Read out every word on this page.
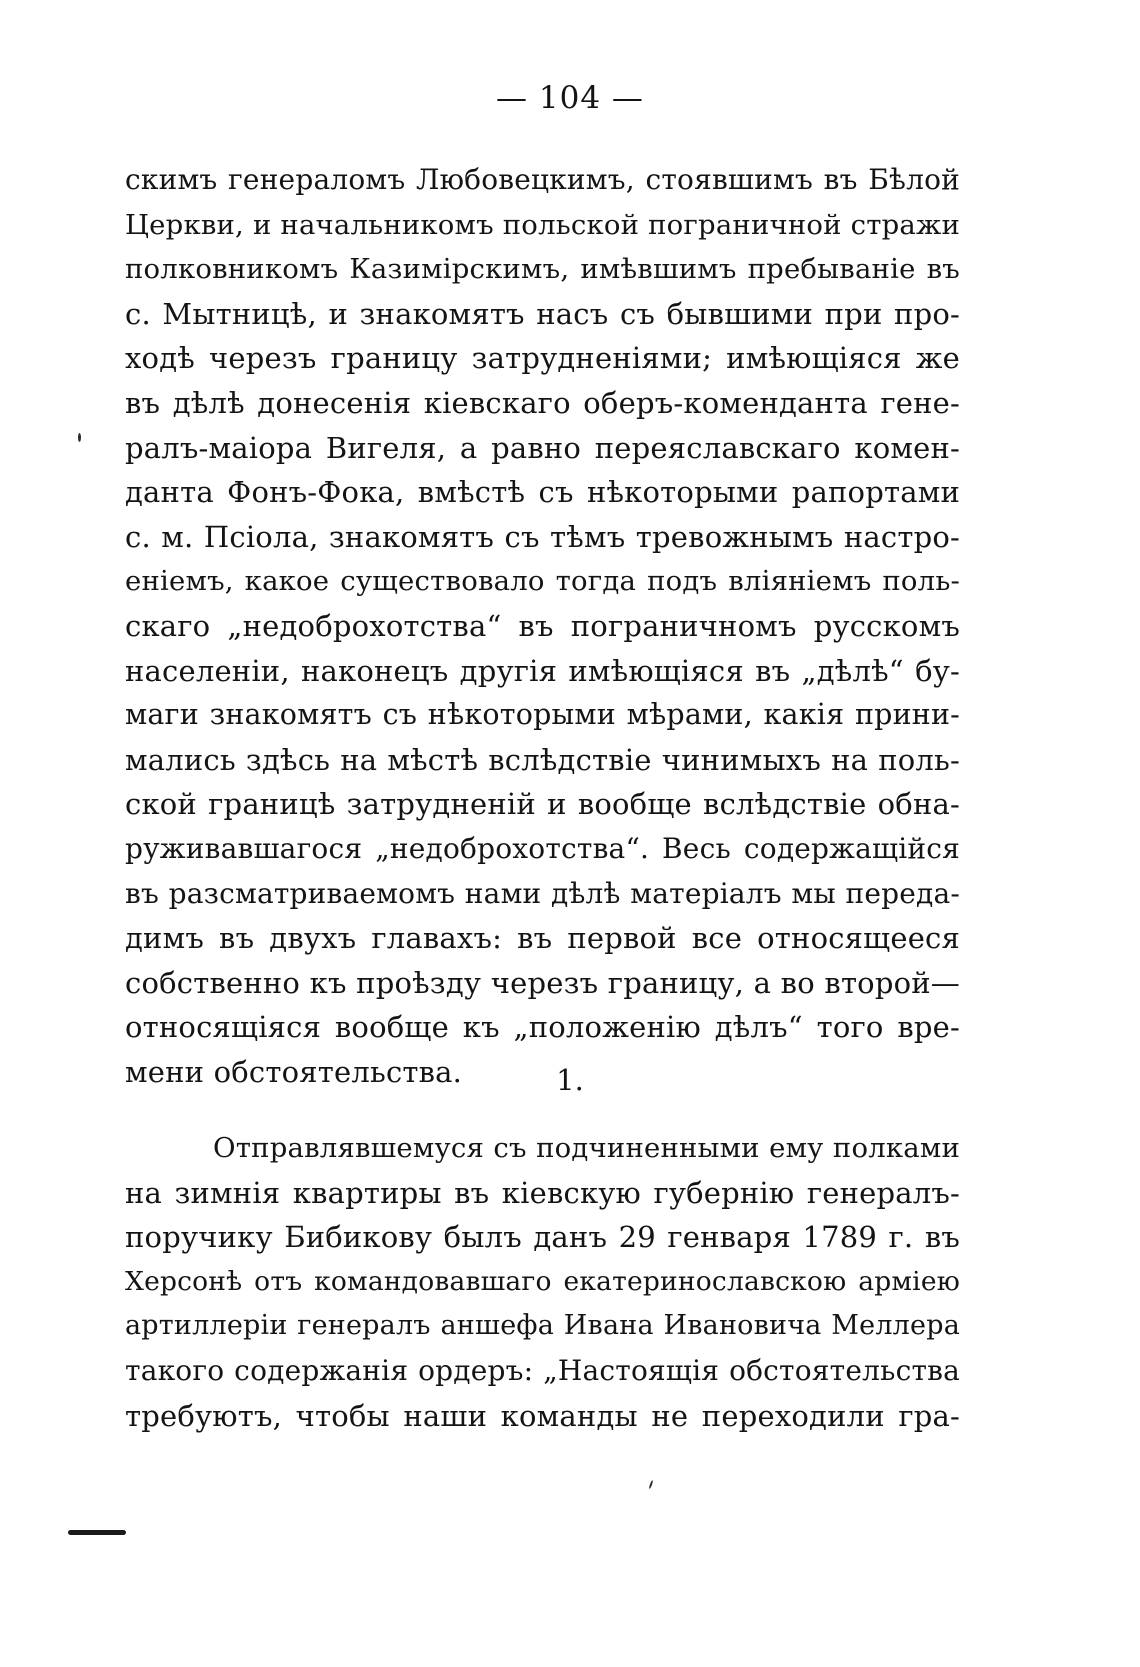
— 104 —
скимъ генераломъ Любовецкимъ, стоявшимъ въ Бѣлой
Церкви, и начальникомъ польской пограничной стражи
полковникомъ Казимірскимъ, имѣвшимъ пребываніе въ
с. Мытницѣ, и знакомятъ насъ съ бывшими при про-
ходѣ черезъ границу затрудненіями; имѣющіяся же
въ дѣлѣ донесенія кіевскаго оберъ-коменданта гене-
ралъ-маіора Вигеля, а равно переяславскаго комен-
данта Фонъ-Фока, вмѣстѣ съ нѣкоторыми рапортами
с. м. Псіола, знакомятъ съ тѣмъ тревожнымъ настро-
еніемъ, какое существовало тогда подъ вліяніемъ поль-
скаго „недоброхотства“ въ пограничномъ русскомъ
населеніи, наконецъ другія имѣющіяся въ „дѣлѣ“ бу-
маги знакомятъ съ нѣкоторыми мѣрами, какія прини-
мались здѣсь на мѣстѣ вслѣдствіе чинимыхъ на поль-
ской границѣ затрудненій и вообще вслѣдствіе обна-
руживавшагося „недоброхотства“. Весь содержащійся
въ разсматриваемомъ нами дѣлѣ матеріалъ мы переда-
димъ въ двухъ главахъ: въ первой все относящееся
собственно къ проѣзду черезъ границу, а во второй—
относящіяся вообще къ „положенію дѣлъ“ того вре-
мени обстоятельства.	1.
Отправлявшемуся съ подчиненными ему полками
на зимнія квартиры въ кіевскую губернію генералъ-
поручику Бибикову былъ данъ 29 генваря 1789 г. въ
Херсонѣ отъ командовавшаго екатеринославскою арміею
артиллеріи генералъ аншефа Ивана Ивановича Меллера
такого содержанія ордеръ: „Настоящія обстоятельства
требуютъ, чтобы наши команды не переходили гра-
